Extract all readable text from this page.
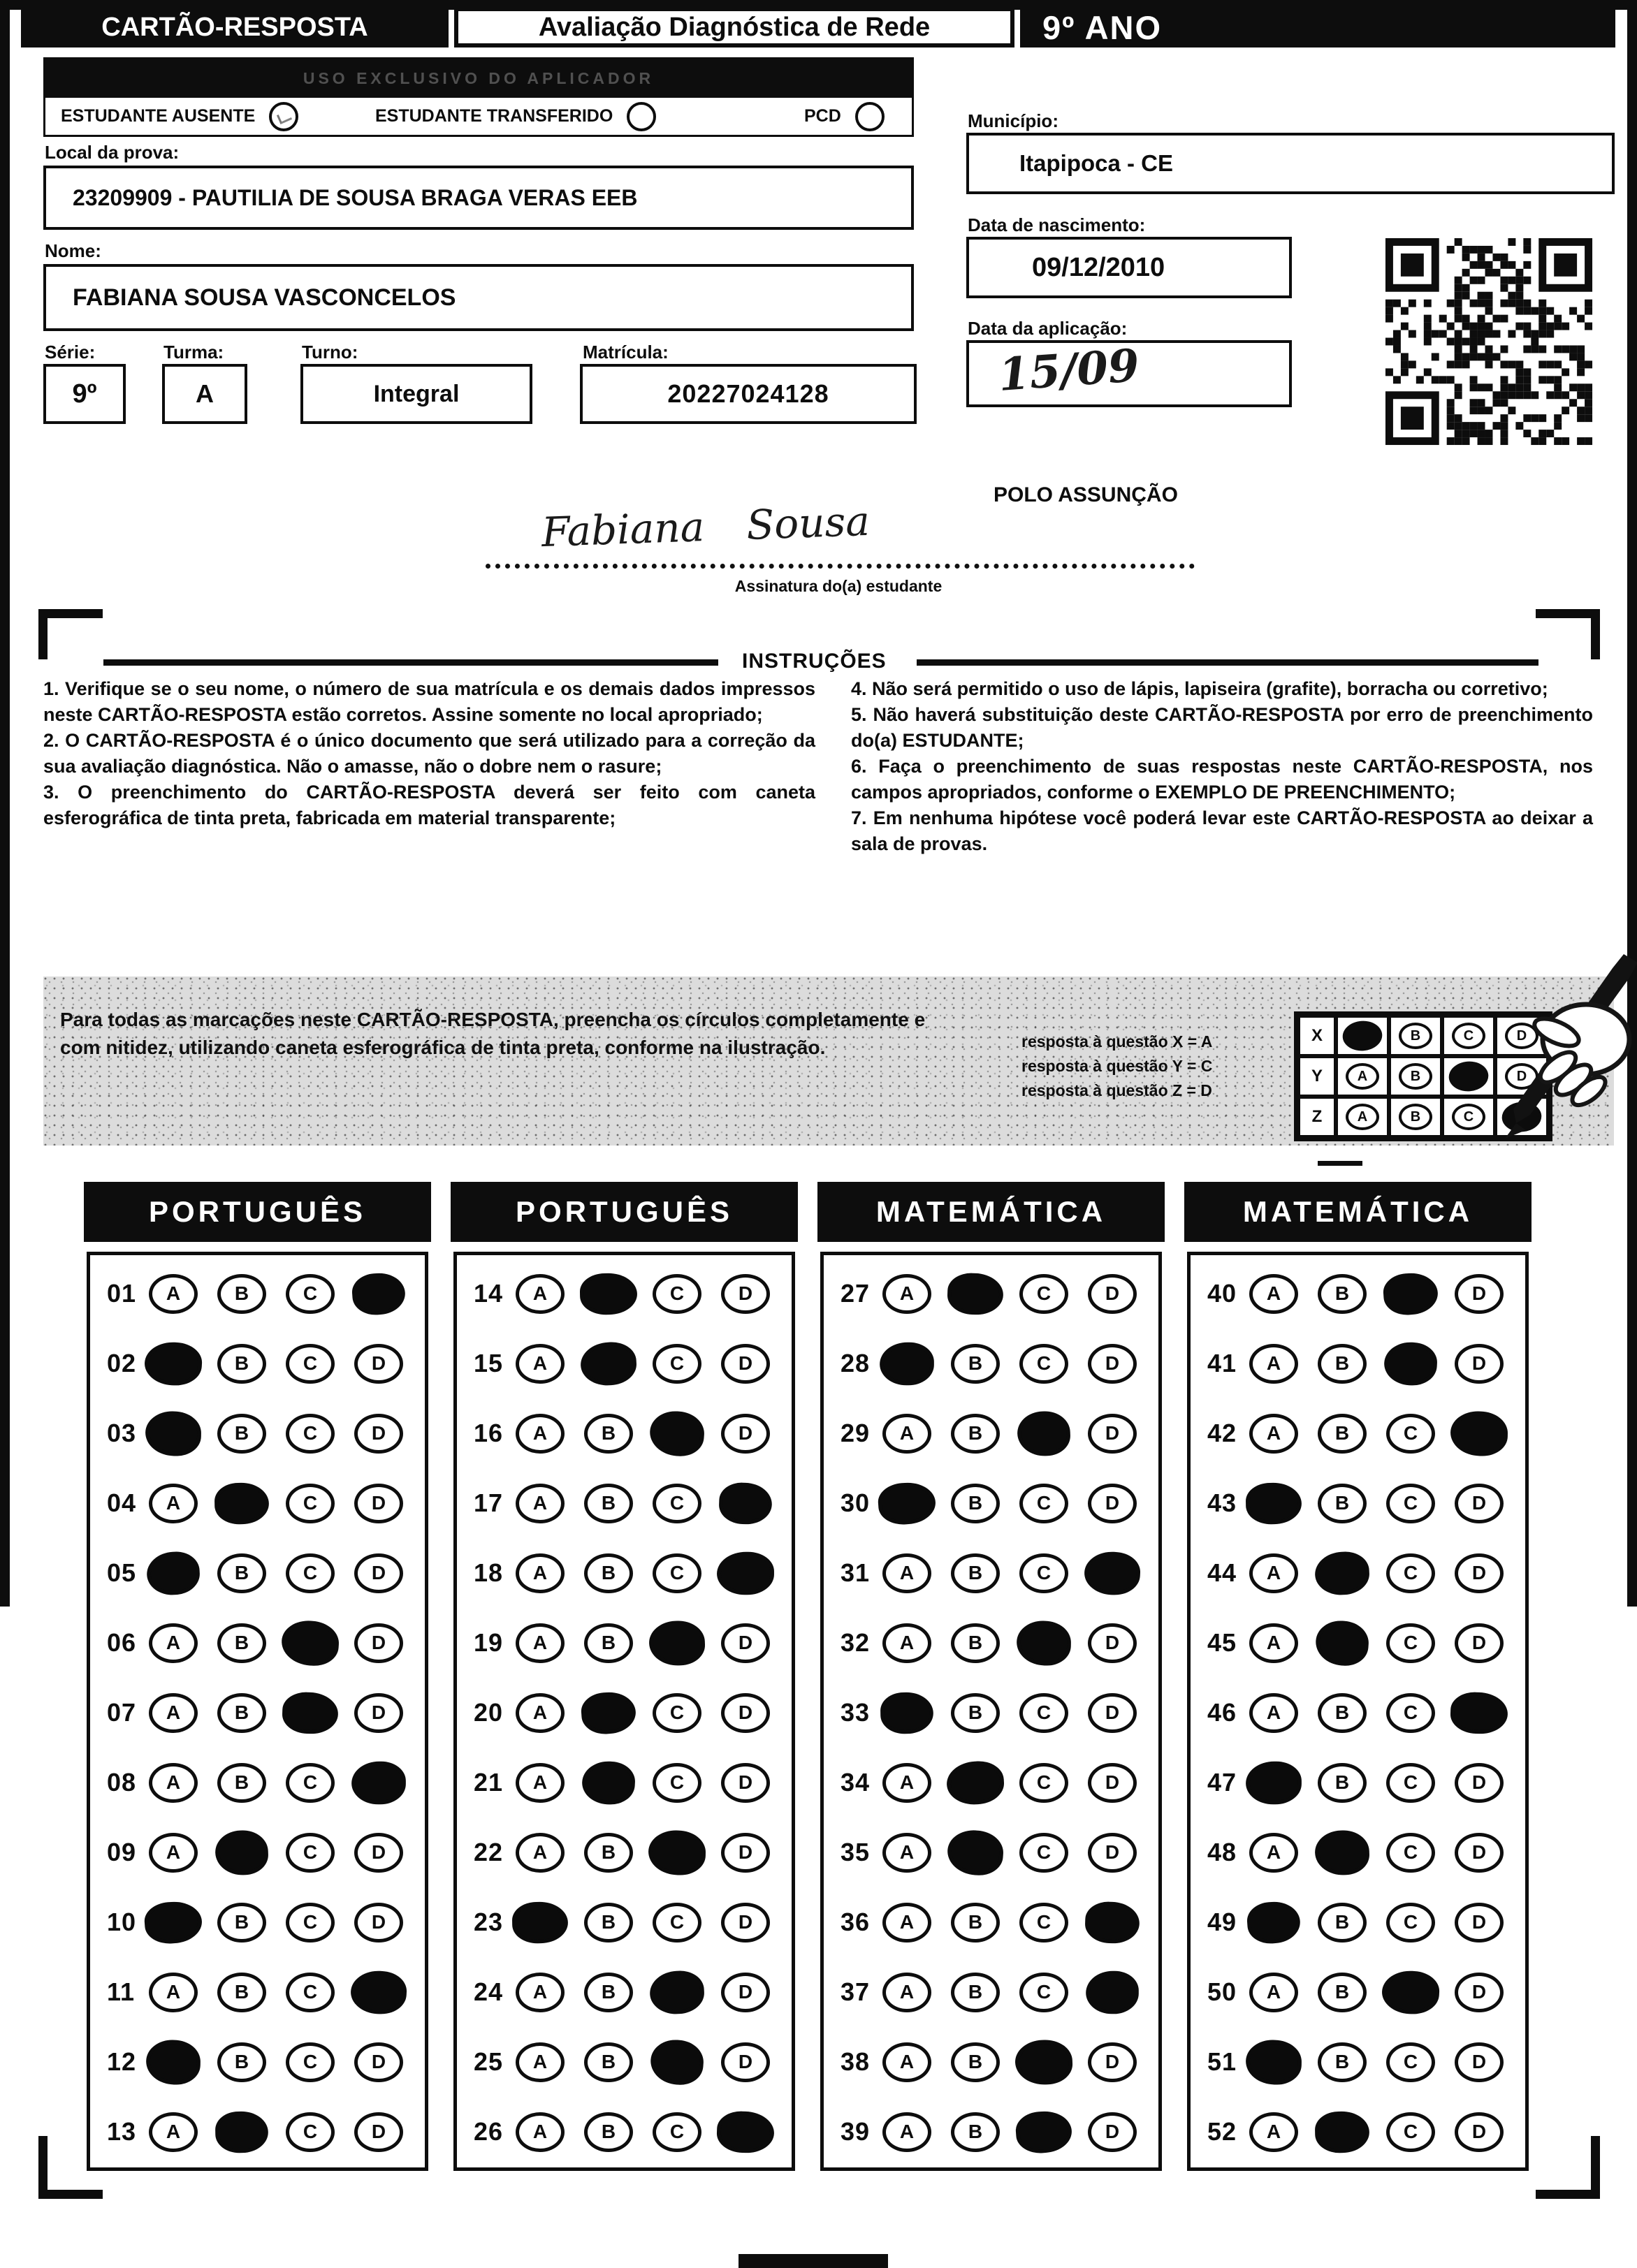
CARTÃO-RESPOSTA	Avaliação Diagnóstica de Rede	9º ANO
USO EXCLUSIVO DO APLICADOR
ESTUDANTE AUSENTE	ESTUDANTE TRANSFERIDO	PCD
Local da prova:
23209909 - PAUTILIA DE SOUSA BRAGA VERAS EEB
Nome:
FABIANA SOUSA VASCONCELOS
Série:	Turma:	Turno:	Matrícula:
9º	A	Integral	20227024128
Município:
Itapipoca - CE
Data de nascimento:
09/12/2010
Data da aplicação:
15/09
POLO ASSUNÇÃO
Fabiana Sousa
Assinatura do(a) estudante
INSTRUÇÕES

1. Verifique se o seu nome, o número de sua matrícula e os demais dados impressos neste CARTÃO-RESPOSTA estão corretos. Assine somente no local apropriado;

2. O CARTÃO-RESPOSTA é o único documento que será utilizado para a correção da sua avaliação diagnóstica. Não o amasse, não o dobre nem o rasure;

3. O preenchimento do CARTÃO-RESPOSTA deverá ser feito com caneta esferográfica de tinta preta, fabricada em material transparente;

4. Não será permitido o uso de lápis, lapiseira (grafite), borracha ou corretivo;

5. Não haverá substituição deste CARTÃO-RESPOSTA por erro de preenchimento do(a) ESTUDANTE;

6. Faça o preenchimento de suas respostas neste CARTÃO-RESPOSTA, nos campos apropriados, conforme o EXEMPLO DE PREENCHIMENTO;

7. Em nenhuma hipótese você poderá levar este CARTÃO-RESPOSTA ao deixar a sala de provas.

Para todas as marcações neste CARTÃO-RESPOSTA, preencha os círculos completamente e com nitidez, utilizando caneta esferográfica de tinta preta, conforme na ilustração.	resposta à questão X = A
resposta à questão Y = C
resposta à questão Z = D
X	B	C	D
Y	A	B	D
Z	A	B	C
PORTUGUÊS
01	A	B	C
02	B	C	D
03	B	C	D
04	A	C	D
05	B	C	D
06	A	B	D
07	A	B	D
08	A	B	C
09	A	C	D
10	B	C	D
11	A	B	C
12	B	C	D
13	A	C	D
PORTUGUÊS
14	A	C	D
15	A	C	D
16	A	B	D
17	A	B	C
18	A	B	C
19	A	B	D
20	A	C	D
21	A	C	D
22	A	B	D
23	B	C	D
24	A	B	D
25	A	B	D
26	A	B	C
MATEMÁTICA
27	A	C	D
28	B	C	D
29	A	B	D
30	B	C	D
31	A	B	C
32	A	B	D
33	B	C	D
34	A	C	D
35	A	C	D
36	A	B	C
37	A	B	C
38	A	B	D
39	A	B	D
MATEMÁTICA
40	A	B	D
41	A	B	D
42	A	B	C
43	B	C	D
44	A	C	D
45	A	C	D
46	A	B	C
47	B	C	D
48	A	C	D
49	B	C	D
50	A	B	D
51	B	C	D
52	A	C	D
